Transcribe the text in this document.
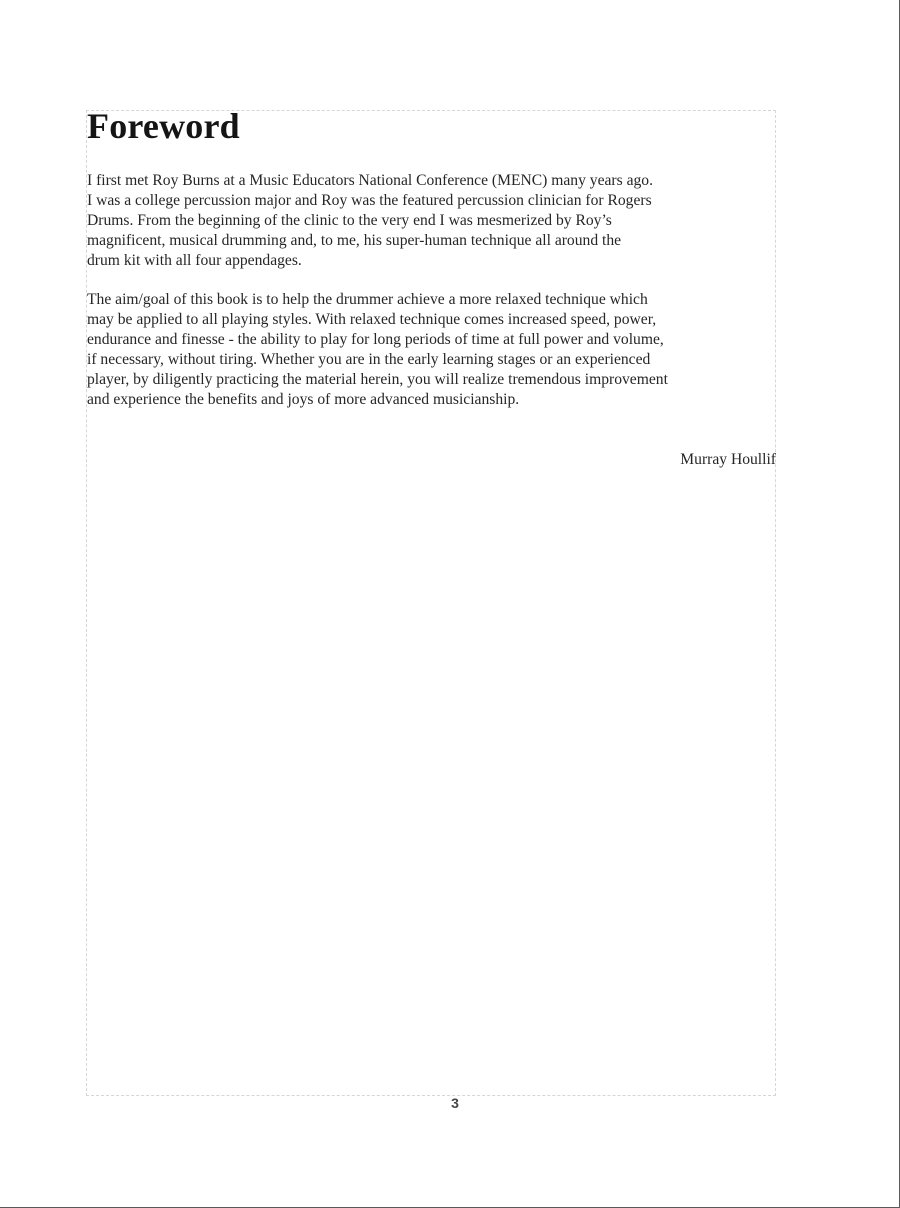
Foreword

I first met Roy Burns at a Music Educators National Conference (MENC) many years ago.
I was a college percussion major and Roy was the featured percussion clinician for Rogers
Drums. From the beginning of the clinic to the very end I was mesmerized by Roy’s
magnificent, musical drumming and, to me, his super-human technique all around the
drum kit with all four appendages.

The aim/goal of this book is to help the drummer achieve a more relaxed technique which
may be applied to all playing styles. With relaxed technique comes increased speed, power,
endurance and finesse - the ability to play for long periods of time at full power and volume,
if necessary, without tiring. Whether you are in the early learning stages or an experienced
player, by diligently practicing the material herein, you will realize tremendous improvement
and experience the benefits and joys of more advanced musicianship.

Murray Houllif

3
